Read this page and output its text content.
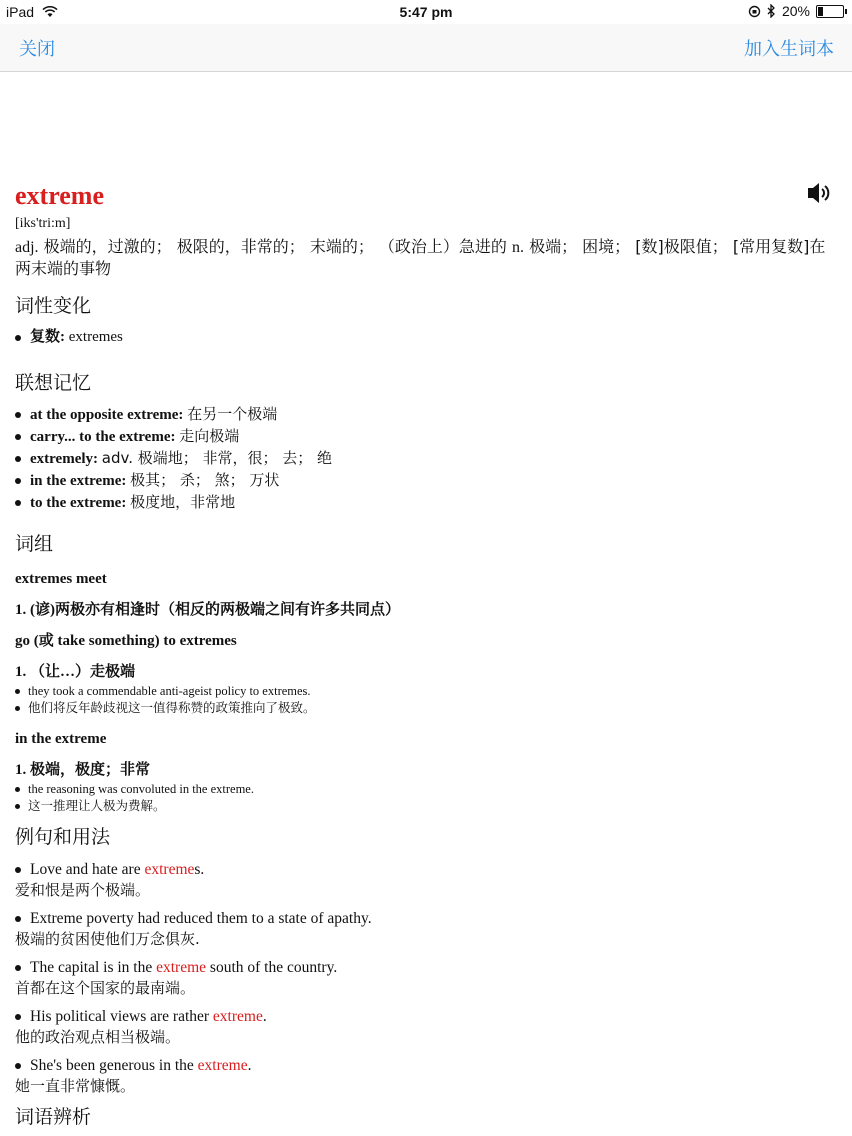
iPad	5:47 pm	20%
关闭	加入生词本
extreme
[iks'tri:m]
adj. 极端的，过激的； 极限的，非常的； 末端的； （政治上）急进的 n. 极端； 困境； [数]极限值； [常用复数]在两末端的事物
词性变化
复数: extremes
联想记忆
at the opposite extreme: 在另一个极端
carry... to the extreme: 走向极端
extremely: adv. 极端地； 非常，很； 去； 绝
in the extreme: 极其； 杀； 煞； 万状
to the extreme: 极度地，非常地
词组
extremes meet
1. (谚)两极亦有相逢时（相反的两极端之间有许多共同点）
go (或 take something) to extremes
1. （让…）走极端
they took a commendable anti-ageist policy to extremes.
他们将反年龄歧视这一值得称赞的政策推向了极致。
in the extreme
1. 极端，极度；非常
the reasoning was convoluted in the extreme.
这一推理让人极为费解。
例句和用法
Love and hate are extremes.
爱和恨是两个极端。
Extreme poverty had reduced them to a state of apathy.
极端的贫困使他们万念俱灰.
The capital is in the extreme south of the country.
首都在这个国家的最南端。
His political views are rather extreme.
他的政治观点相当极端。
She's been generous in the extreme.
她一直非常慷慨。
词语辨析
